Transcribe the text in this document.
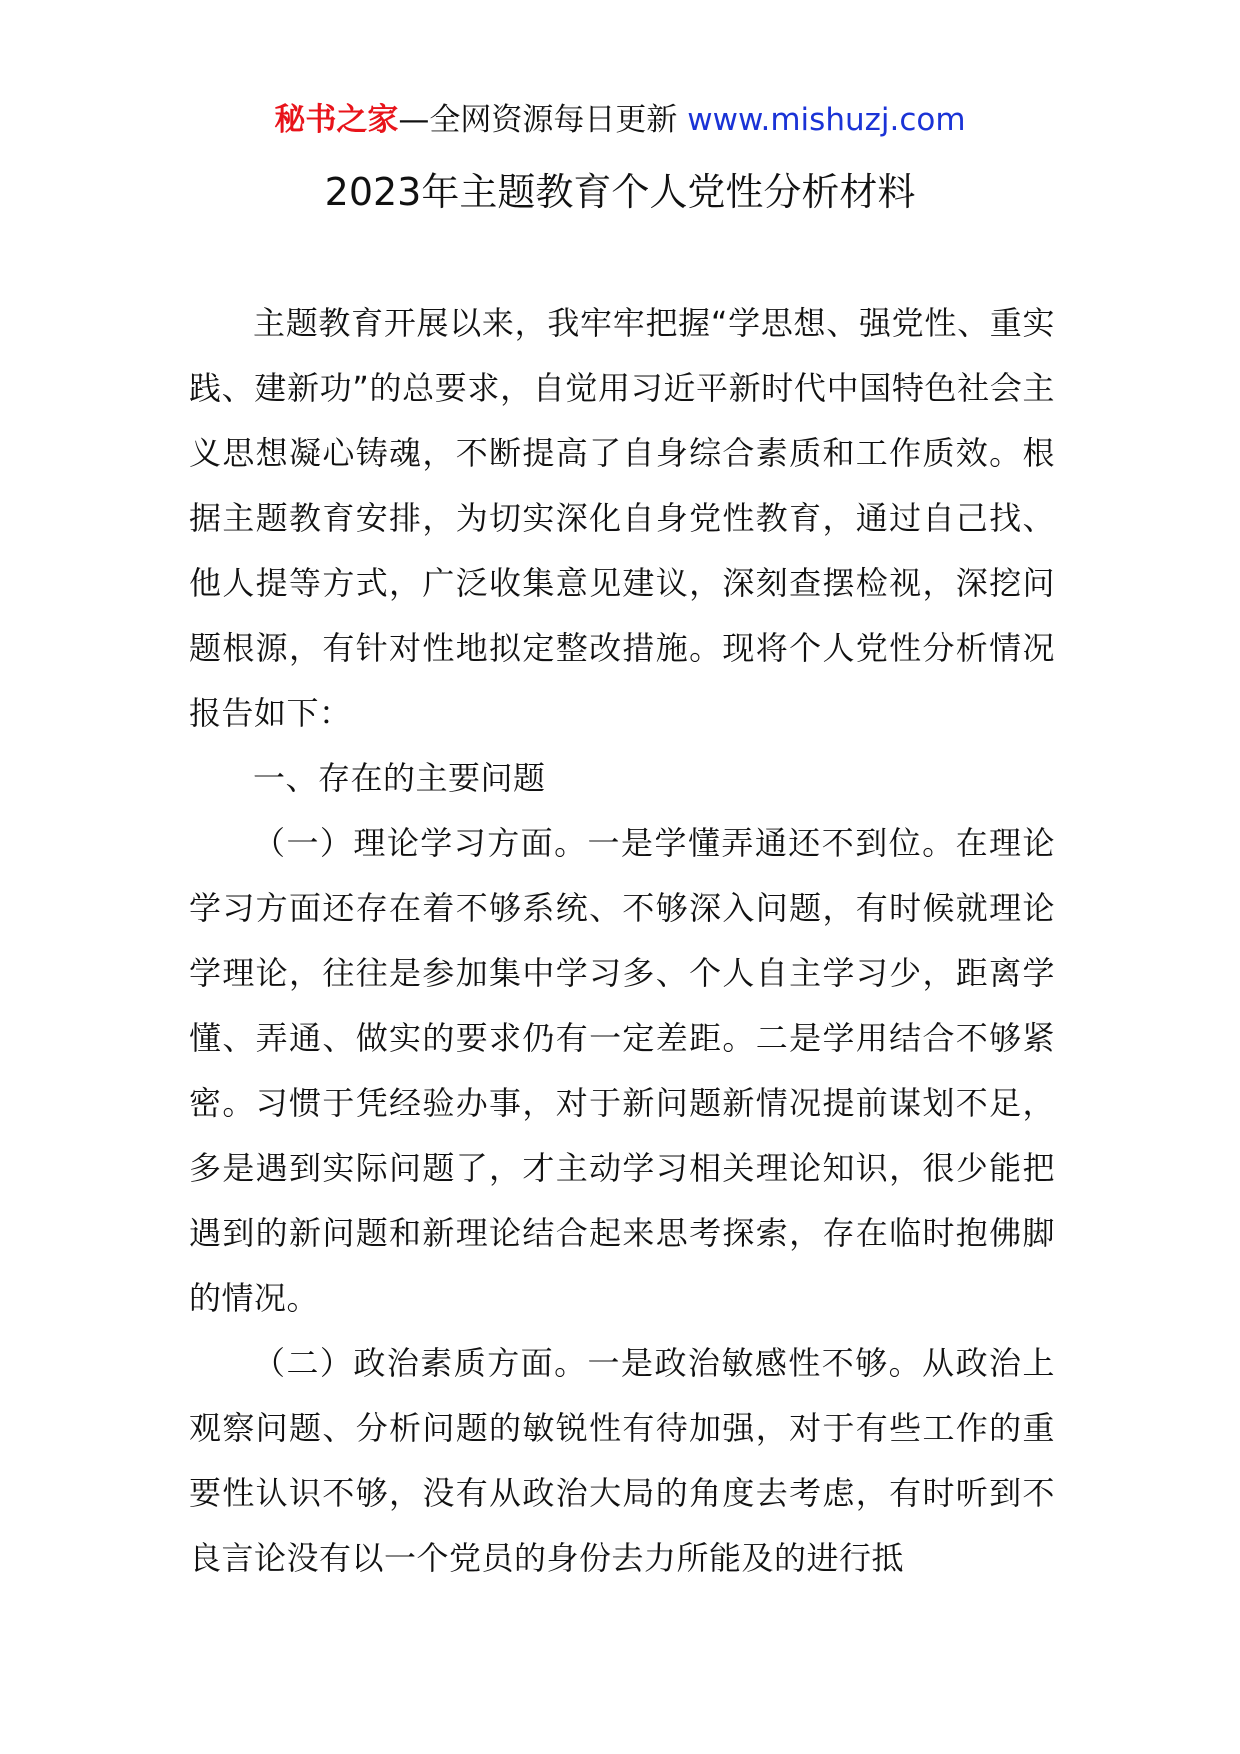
秘书之家—全网资源每日更新 www.mishuzj.com
2023年主题教育个人党性分析材料

主题教育开展以来，我牢牢把握“学思想、强党性、重实践、建新功”的总要求，自觉用习近平新时代中国特色社会主义思想凝心铸魂，不断提高了自身综合素质和工作质效。根据主题教育安排，为切实深化自身党性教育，通过自己找、他人提等方式，广泛收集意见建议，深刻查摆检视，深挖问题根源，有针对性地拟定整改措施。现将个人党性分析情况报告如下：

一、存在的主要问题

（一）理论学习方面。一是学懂弄通还不到位。在理论学习方面还存在着不够系统、不够深入问题，有时候就理论学理论，往往是参加集中学习多、个人自主学习少，距离学懂、弄通、做实的要求仍有一定差距。二是学用结合不够紧密。习惯于凭经验办事，对于新问题新情况提前谋划不足，多是遇到实际问题了，才主动学习相关理论知识，很少能把遇到的新问题和新理论结合起来思考探索，存在临时抱佛脚的情况。

（二）政治素质方面。一是政治敏感性不够。从政治上观察问题、分析问题的敏锐性有待加强，对于有些工作的重要性认识不够，没有从政治大局的角度去考虑，有时听到不良言论没有以一个党员的身份去力所能及的进行抵
